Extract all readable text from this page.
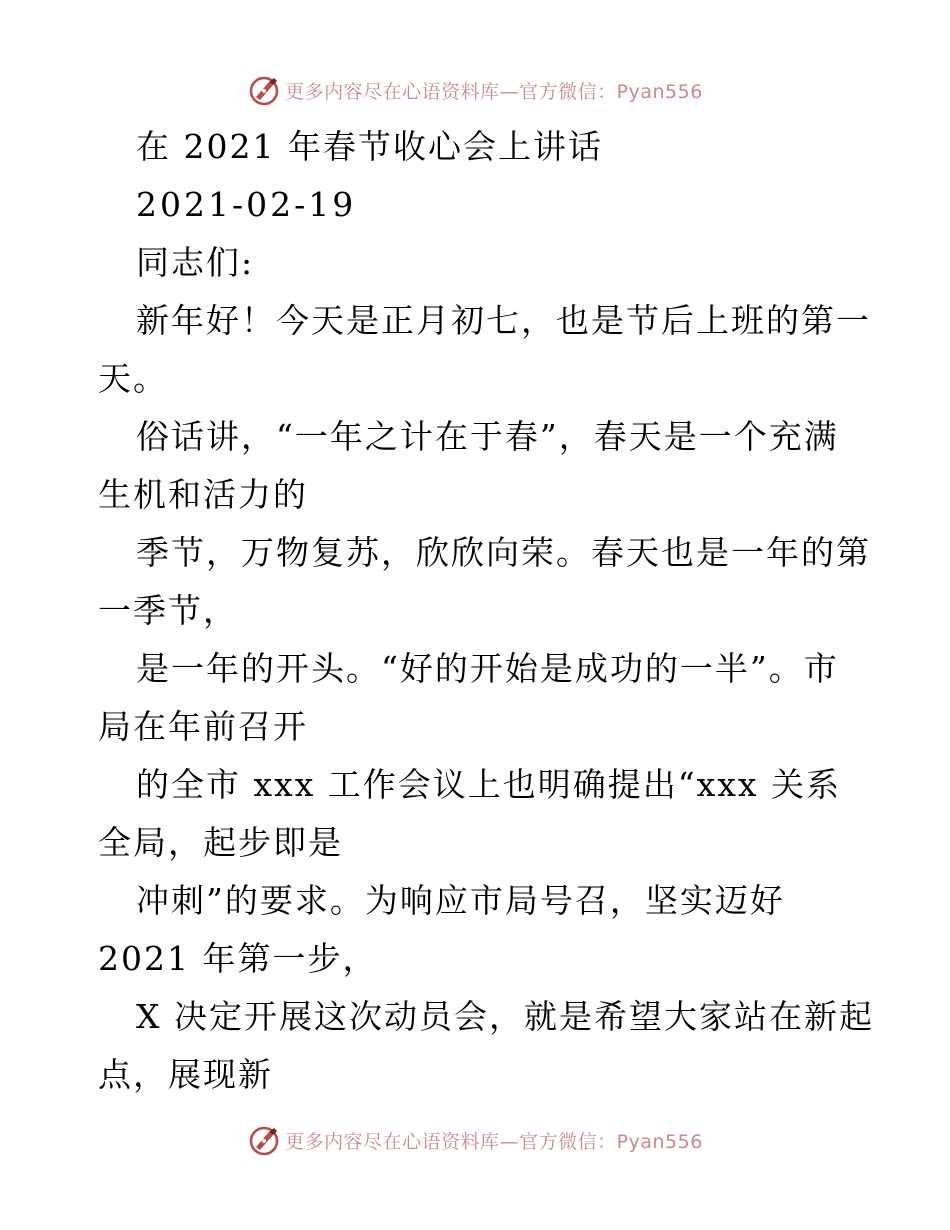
更多内容尽在心语资料库—官方微信：Pyan556
在 2021 年春节收心会上讲话
2021-02-19
同志们:
新年好！今天是正月初七，也是节后上班的第一
天。
俗话讲，“一年之计在于春”，春天是一个充满
生机和活力的
季节，万物复苏，欣欣向荣。春天也是一年的第
一季节，
是一年的开头。“好的开始是成功的一半”。市
局在年前召开
的全市 xxx 工作会议上也明确提出“xxx 关系
全局，起步即是
冲刺”的要求。为响应市局号召，坚实迈好
2021 年第一步，
X 决定开展这次动员会，就是希望大家站在新起
点，展现新
更多内容尽在心语资料库—官方微信：Pyan556
